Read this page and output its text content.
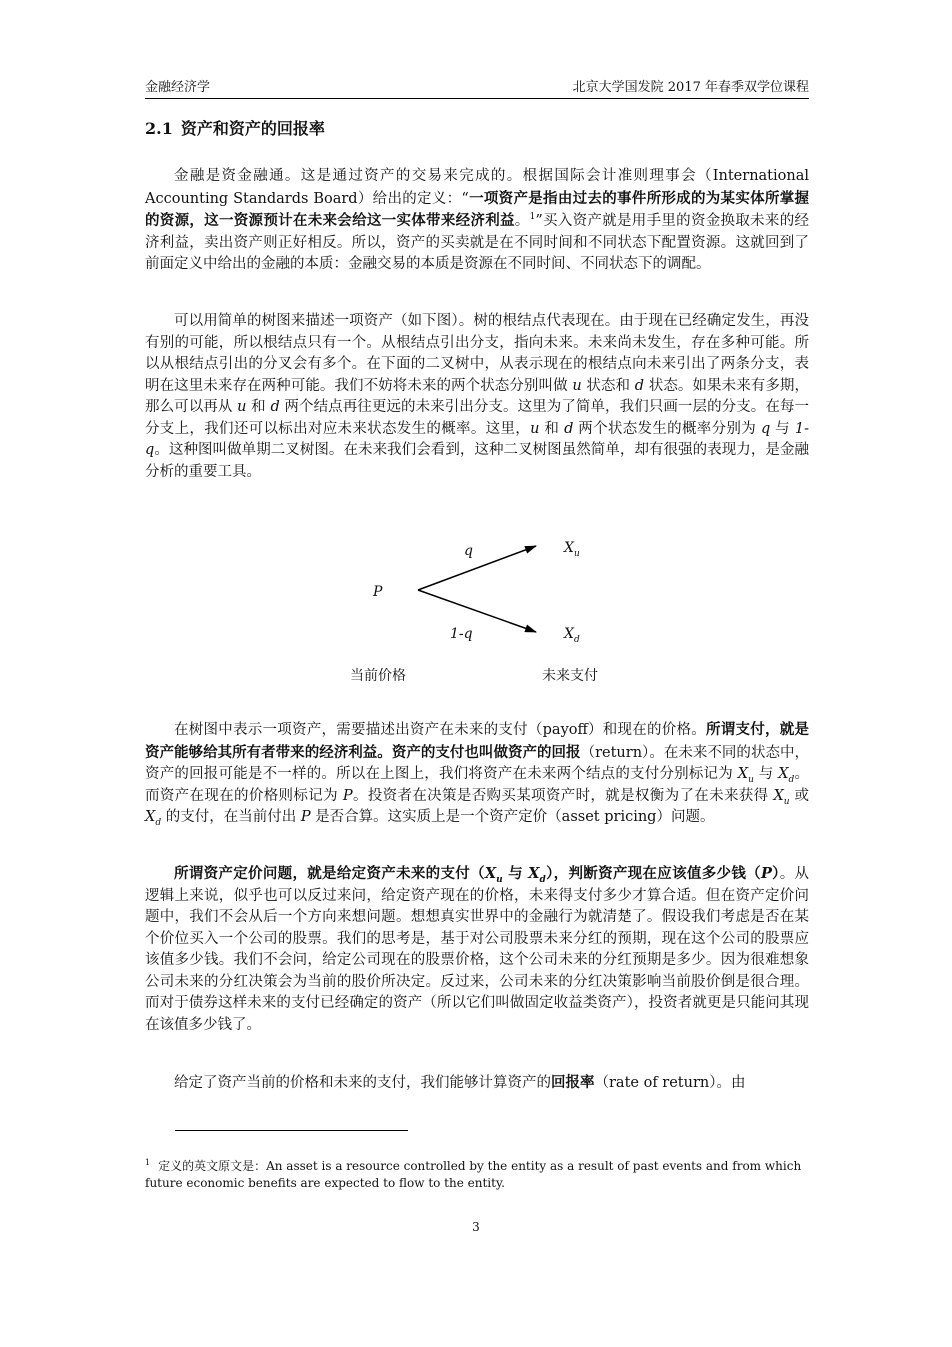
金融经济学	北京大学国发院 2017 年春季双学位课程
2.1 资产和资产的回报率

金融是资金融通。这是通过资产的交易来完成的。根据国际会计准则理事会（International Accounting Standards Board）给出的定义：“一项资产是指由过去的事件所形成的为某实体所掌握的资源，这一资源预计在未来会给这一实体带来经济利益。$^1$”买入资产就是用手里的资金换取未来的经济利益，卖出资产则正好相反。所以，资产的买卖就是在不同时间和不同状态下配置资源。这就回到了前面定义中给出的金融的本质：金融交易的本质是资源在不同时间、不同状态下的调配。

可以用简单的树图来描述一项资产（如下图）。树的根结点代表现在。由于现在已经确定发生，再没有别的可能，所以根结点只有一个。从根结点引出分支，指向未来。未来尚未发生，存在多种可能。所以从根结点引出的分叉会有多个。在下面的二叉树中，从表示现在的根结点向未来引出了两条分支，表明在这里未来存在两种可能。我们不妨将未来的两个状态分别叫做 u 状态和 d 状态。如果未来有多期，那么可以再从 u 和 d 两个结点再往更远的未来引出分支。这里为了简单，我们只画一层的分支。在每一分支上，我们还可以标出对应未来状态发生的概率。这里，u 和 d 两个状态发生的概率分别为 q 与 1-q。这种图叫做单期二叉树图。在未来我们会看到，这种二叉树图虽然简单，却有很强的表现力，是金融分析的重要工具。

P
q
1-q
$X_u$
$X_d$
当前价格	未来支付

在树图中表示一项资产，需要描述出资产在未来的支付（payoff）和现在的价格。所谓支付，就是资产能够给其所有者带来的经济利益。资产的支付也叫做资产的回报（return）。在未来不同的状态中，资产的回报可能是不一样的。所以在上图上，我们将资产在未来两个结点的支付分别标记为 $X_u$ 与 $X_d$。而资产在现在的价格则标记为 P。投资者在决策是否购买某项资产时，就是权衡为了在未来获得 $X_u$ 或 $X_d$ 的支付，在当前付出 P 是否合算。这实质上是一个资产定价（asset pricing）问题。

所谓资产定价问题，就是给定资产未来的支付（$X_u$ 与 $X_d$），判断资产现在应该值多少钱（P）。从逻辑上来说，似乎也可以反过来问，给定资产现在的价格，未来得支付多少才算合适。但在资产定价问题中，我们不会从后一个方向来想问题。想想真实世界中的金融行为就清楚了。假设我们考虑是否在某个价位买入一个公司的股票。我们的思考是，基于对公司股票未来分红的预期，现在这个公司的股票应该值多少钱。我们不会问，给定公司现在的股票价格，这个公司未来的分红预期是多少。因为很难想象公司未来的分红决策会为当前的股价所决定。反过来，公司未来的分红决策影响当前股价倒是很合理。而对于债券这样未来的支付已经确定的资产（所以它们叫做固定收益类资产），投资者就更是只能问其现在该值多少钱了。

给定了资产当前的价格和未来的支付，我们能够计算资产的回报率（rate of return）。由

$^1$ 定义的英文原文是：An asset is a resource controlled by the entity as a result of past events and from which future economic benefits are expected to flow to the entity.
3
